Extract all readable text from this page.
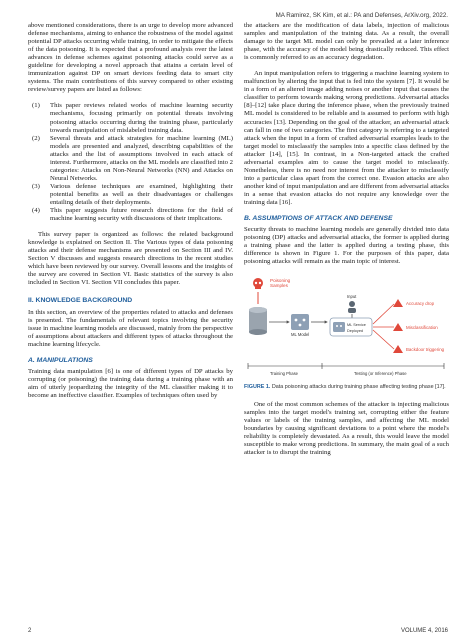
MA Ramirez, SK Kim, et al.: PA and Defenses, ArXiv.org, 2022.

above mentioned considerations, there is an urge to develop more advanced defense mechanisms, aiming to enhance the robustness of the model against potential DP attacks occurring while training, in order to mitigate the effects of the data poisoning. It is expected that a profound analysis over the latest advances in defense schemes against poisoning attacks could serve as a guideline for developing a novel approach that attains a certain level of immunization against DP on smart devices feeding data to smart city systems. The main contributions of this survey compared to other existing review/survey papers are listed as follows:

(1)	This paper reviews related works of machine learning security mechanisms, focusing primarily on potential threats involving poisoning attacks occurring during the training phase, particularly towards manipulation of mislabeled training data.
(2)	Several threats and attack strategies for machine learning (ML) models are presented and analyzed, describing capabilities of the attacks and the list of assumptions involved in each attack of interest. Furthermore, attacks on the ML models are classified into 2 categories: Attacks on Non-Neural Networks (NN) and Attacks on Neural Networks.
(3)	Various defense techniques are examined, highlighting their potential benefits as well as their disadvantages or challenges entailing details of their deployments.
(4)	This paper suggests future research directions for the field of machine learning security with discussions of their implications.

This survey paper is organized as follows: the related background knowledge is explained on Section II. The Various types of data poisoning attacks and their defense mechanisms are presented on Section III and IV. Section V discusses and suggests research directions in the recent studies which have been reviewed by our survey. Overall lessons and the insights of the survey are covered in Section VI. Basic statistics of the survey is also included in Section VI. Section VII concludes this paper.

II. KNOWLEDGE BACKGROUND

In this section, an overview of the properties related to attacks and defenses is presented. The fundamentals of relevant topics involving the security issue in machine learning models are discussed, mainly from the perspective of assumptions about attackers and different types of attacks throughout the machine learning lifecycle.

A. MANIPULATIONS

Training data manipulation [6] is one of different types of DP attacks by corrupting (or poisoning) the training data during a training phase with an aim of utterly jeopardizing the integrity of the ML classifier making it to become an ineffective classifier. Examples of techniques often used by

the attackers are the modification of data labels, injection of malicious samples and manipulation of the training data. As a result, the overall damage to the target ML model can only be prevailed at a later inference phase, with the accuracy of the model being drastically reduced. This effect is commonly referred to as an accuracy degradation.

An input manipulation refers to triggering a machine learning system to malfunction by altering the input that is fed into the system [7]. It would be in a form of an altered image adding noises or another input that causes the classifier to perform towards making wrong predictions. Adversarial attacks [8]–[12] take place during the inference phase, when the previously trained ML model is considered to be reliable and is assumed to perform with high accuracies [13]. Depending on the goal of the attacker, an adversarial attack can fall in one of two categories. The first category is referring to a targeted attack when the input in a form of crafted adversarial examples leads to the target model to misclassify the samples into a specific class defined by the attacker [14], [15]. In contrast, in a Non-targeted attack the crafted adversarial examples aim to cause the target model to misclassify. Nonetheless, there is no need nor interest from the attacker to misclassify into a particular class apart from the correct one. Evasion attacks are also another kind of input manipulation and are different from adversarial attacks in a sense that evasion attacks do not require any knowledge over the training data [16].

B. ASSUMPTIONS OF ATTACK AND DEFENSE

Security threats to machine learning models are generally divided into data poisoning (DP) attacks and adversarial attacks, the former is applied during a training phase and the latter is applied during a testing phase, this difference is shown in Figure 1. For the purposes of this paper, data poisoning attacks will remain as the main topic of interest.

Poisoning
Samples
ML Model
Input
ML Service
Deployed
Accuracy drop
Misclassification
Backdoor triggering
Training Phase	Testing (or Inference) Phase
FIGURE 1. Data poisoning attacks during training phase affecting testing phase [17].

One of the most common schemes of the attacker is injecting malicious samples into the target model's training set, corrupting either the feature values or labels of the training samples, and affecting the ML model boundaries by causing significant deviations to a point where the model's reliability is completely devastated. As a result, this would leave the model susceptible to make wrong predictions. In summary, the main goal of a such attacker is to disrupt the training

2	VOLUME 4, 2016
